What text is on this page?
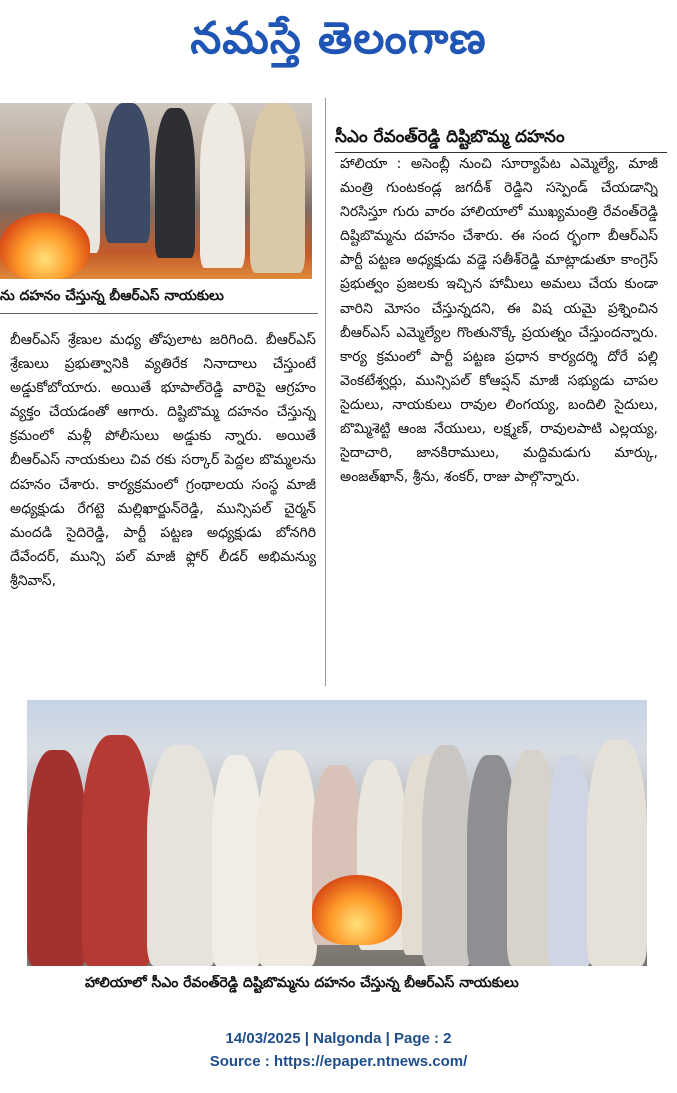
నమస్తే తెలంగాణ
ను దహనం చేస్తున్న బీఆర్ఎస్ నాయకులు
సీఎం రేవంత్‌రెడ్డి దిష్టిబొమ్మ దహనం

హాలియా : అసెంబ్లీ నుంచి సూర్యాపేట ఎమ్మెల్యే, మాజీ మంత్రి గుంటకండ్ల జగదీశ్ రెడ్డిని సస్పెండ్ చేయడాన్ని నిరసిస్తూ గురు వారం హాలియాలో ముఖ్యమంత్రి రేవంత్‌రెడ్డి దిష్టిబొమ్మను దహనం చేశారు. ఈ సంద ర్భంగా బీఆర్ఎస్ పార్టీ పట్టణ అధ్యక్షుడు వడ్డె సతీశ్‌రెడ్డి మాట్లాడుతూ కాంగ్రెస్ ప్రభుత్వం ప్రజలకు ఇచ్చిన హామీలు అమలు చేయ కుండా వారిని మోసం చేస్తున్నదని, ఈ విష యమై ప్రశ్నించిన బీఆర్ఎస్ ఎమ్మెల్యేల గొంతునొక్కే ప్రయత్నం చేస్తుందన్నారు. కార్య క్రమంలో పార్టీ పట్టణ ప్రధాన కార్యదర్శి దోరే పల్లి వెంకటేశ్వర్లు, మున్సిపల్ కోఆప్షన్ మాజీ సభ్యుడు చాపల సైదులు, నాయకులు రావుల లింగయ్య, బందిలి సైదులు, బొమ్మిశెట్టి ఆంజ నేయులు, లక్ష్మణ్, రావులపాటి ఎల్లయ్య, సైదాచారి, జానకిరాములు, మద్దిమడుగు మార్కు, అంజత్‌ఖాన్, శ్రీను, శంకర్, రాజు పాల్గొన్నారు.

బీఆర్ఎస్ శ్రేణుల మధ్య తోపులాట జరిగింది. బీఆర్ఎస్ శ్రేణులు ప్రభుత్వానికి వ్యతిరేక నినాదాలు చేస్తుంటే అడ్డుకోబోయారు. అయితే భూపాల్‌రెడ్డి వారిపై ఆగ్రహం వ్యక్తం చేయడంతో ఆగారు. దిష్టిబొమ్మ దహనం చేస్తున్న క్రమంలో మళ్లీ పోలీసులు అడ్డుకు న్నారు. అయితే బీఆర్ఎస్ నాయకులు చివ రకు సర్కార్ పెద్దల బొమ్మలను దహనం చేశారు. కార్యక్రమంలో గ్రంథాలయ సంస్థ మాజీ అధ్యక్షుడు రేగట్టె మల్లిఖార్జున్‌రెడ్డి, మున్సిపల్ చైర్మన్ మందడి సైదిరెడ్డి, పార్టీ పట్టణ అధ్యక్షుడు బోనగిరి దేవేందర్, మున్సి పల్ మాజీ ఫ్లోర్ లీడర్ అభిమన్యు శ్రీనివాస్,

హాలియాలో సీఎం రేవంత్‌రెడ్డి దిష్టిబొమ్మను దహనం చేస్తున్న బీఆర్ఎస్ నాయకులు
14/03/2025 | Nalgonda | Page : 2
Source : https://epaper.ntnews.com/
